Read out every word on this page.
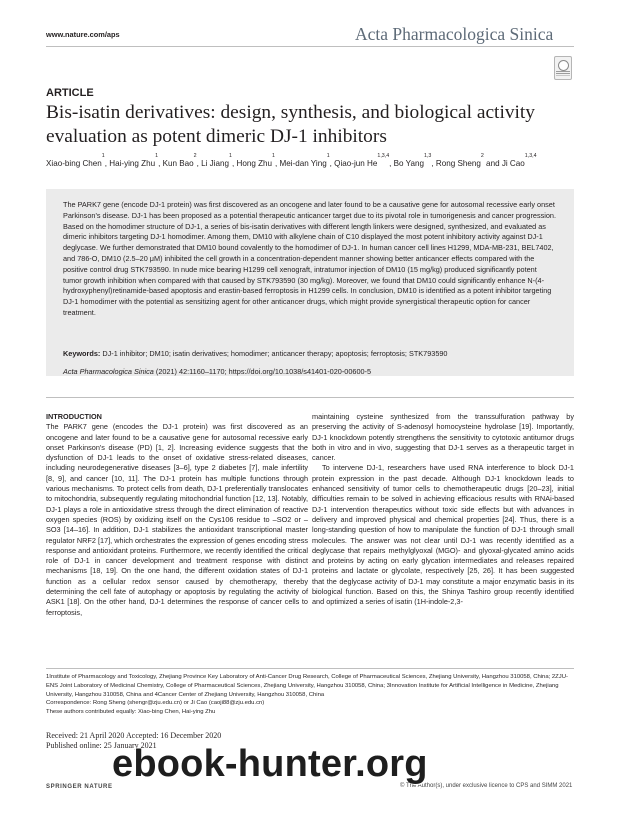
www.nature.com/aps	Acta Pharmacologica Sinica
ARTICLE
Bis-isatin derivatives: design, synthesis, and biological activity evaluation as potent dimeric DJ-1 inhibitors
Xiao-bing Chen$^1$, Hai-ying Zhu$^1$, Kun Bao$^2$, Li Jiang$^1$, Hong Zhu$^1$, Mei-dan Ying$^1$, Qiao-jun He$^{1,3,4}$, Bo Yang$^{1,3}$, Rong Sheng$^2$ and Ji Cao$^{1,3,4}$

The PARK7 gene (encode DJ-1 protein) was first discovered as an oncogene and later found to be a causative gene for autosomal recessive early onset Parkinson's disease. DJ-1 has been proposed as a potential therapeutic anticancer target due to its pivotal role in tumorigenesis and cancer progression. Based on the homodimer structure of DJ-1, a series of bis-isatin derivatives with different length linkers were designed, synthesized, and evaluated as dimeric inhibitors targeting DJ-1 homodimer. Among them, DM10 with alkylene chain of C10 displayed the most potent inhibitory activity against DJ-1 deglycase. We further demonstrated that DM10 bound covalently to the homodimer of DJ-1. In human cancer cell lines H1299, MDA-MB-231, BEL7402, and 786-O, DM10 (2.5–20 μM) inhibited the cell growth in a concentration-dependent manner showing better anticancer effects compared with the positive control drug STK793590. In nude mice bearing H1299 cell xenograft, intratumor injection of DM10 (15 mg/kg) produced significantly potent tumor growth inhibition when compared with that caused by STK793590 (30 mg/kg). Moreover, we found that DM10 could significantly enhance N-(4-hydroxyphenyl)retinamide-based apoptosis and erastin-based ferroptosis in H1299 cells. In conclusion, DM10 is identified as a potent inhibitor targeting DJ-1 homodimer with the potential as sensitizing agent for other anticancer drugs, which might provide synergistical therapeutic option for cancer treatment.

Keywords: DJ-1 inhibitor; DM10; isatin derivatives; homodimer; anticancer therapy; apoptosis; ferroptosis; STK793590
Acta Pharmacologica Sinica (2021) 42:1160–1170; https://doi.org/10.1038/s41401-020-00600-5
INTRODUCTION

The PARK7 gene (encodes the DJ-1 protein) was first discovered as an oncogene and later found to be a causative gene for autosomal recessive early onset Parkinson's disease (PD) [1, 2]. Increasing evidence suggests that the dysfunction of DJ-1 leads to the onset of oxidative stress-related diseases, including neurodegenerative diseases [3–6], type 2 diabetes [7], male infertility [8, 9], and cancer [10, 11]. The DJ-1 protein has multiple functions through various mechanisms. To protect cells from death, DJ-1 preferentially translocates to mitochondria, subsequently regulating mitochondrial function [12, 13]. Notably, DJ-1 plays a role in antioxidative stress through the direct elimination of reactive oxygen species (ROS) by oxidizing itself on the Cys106 residue to –SO2 or –SO3 [14–16]. In addition, DJ-1 stabilizes the antioxidant transcriptional master regulator NRF2 [17], which orchestrates the expression of genes encoding stress response and antioxidant proteins. Furthermore, we recently identified the critical role of DJ-1 in cancer development and treatment response with distinct mechanisms [18, 19]. On the one hand, the different oxidation states of DJ-1 function as a cellular redox sensor caused by chemotherapy, thereby determining the cell fate of autophagy or apoptosis by regulating the activity of ASK1 [18]. On the other hand, DJ-1 determines the response of cancer cells to ferroptosis,

maintaining cysteine synthesized from the transsulfuration pathway by preserving the activity of S-adenosyl homocysteine hydrolase [19]. Importantly, DJ-1 knockdown potently strengthens the sensitivity to cytotoxic antitumor drugs both in vitro and in vivo, suggesting that DJ-1 serves as a therapeutic target in cancer.

To intervene DJ-1, researchers have used RNA interference to block DJ-1 protein expression in the past decade. Although DJ-1 knockdown leads to enhanced sensitivity of tumor cells to chemotherapeutic drugs [20–23], initial difficulties remain to be solved in achieving efficacious results with RNAi-based DJ-1 intervention therapeutics without toxic side effects but with advances in delivery and improved physical and chemical properties [24]. Thus, there is a long-standing question of how to manipulate the function of DJ-1 through small molecules. The answer was not clear until DJ-1 was recently identified as a deglycase that repairs methylglyoxal (MGO)- and glyoxal-glycated amino acids and proteins by acting on early glycation intermediates and releases repaired proteins and lactate or glycolate, respectively [25, 26]. It has been suggested that the deglycase activity of DJ-1 may constitute a major enzymatic basis in its biological function. Based on this, the Shinya Tashiro group recently identified and optimized a series of isatin (1H-indole-2,3-

1Institute of Pharmacology and Toxicology, Zhejiang Province Key Laboratory of Anti-Cancer Drug Research, College of Pharmaceutical Sciences, Zhejiang University, Hangzhou 310058, China; 2ZJU-ENS Joint Laboratory of Medicinal Chemistry, College of Pharmaceutical Sciences, Zhejiang University, Hangzhou 310058, China; 3Innovation Institute for Artificial Intelligence in Medicine, Zhejiang University, Hangzhou 310058, China and 4Cancer Center of Zhejiang University, Hangzhou 310058, China
Correspondence: Rong Sheng (shengr@zju.edu.cn) or Ji Cao (caoji88@zju.edu.cn)
These authors contributed equally: Xiao-bing Chen, Hai-ying Zhu
Received: 21 April 2020 Accepted: 16 December 2020
Published online: 25 January 2021
SPRINGER NATURE	© The Author(s), under exclusive licence to CPS and SIMM 2021
ebook-hunter.org
